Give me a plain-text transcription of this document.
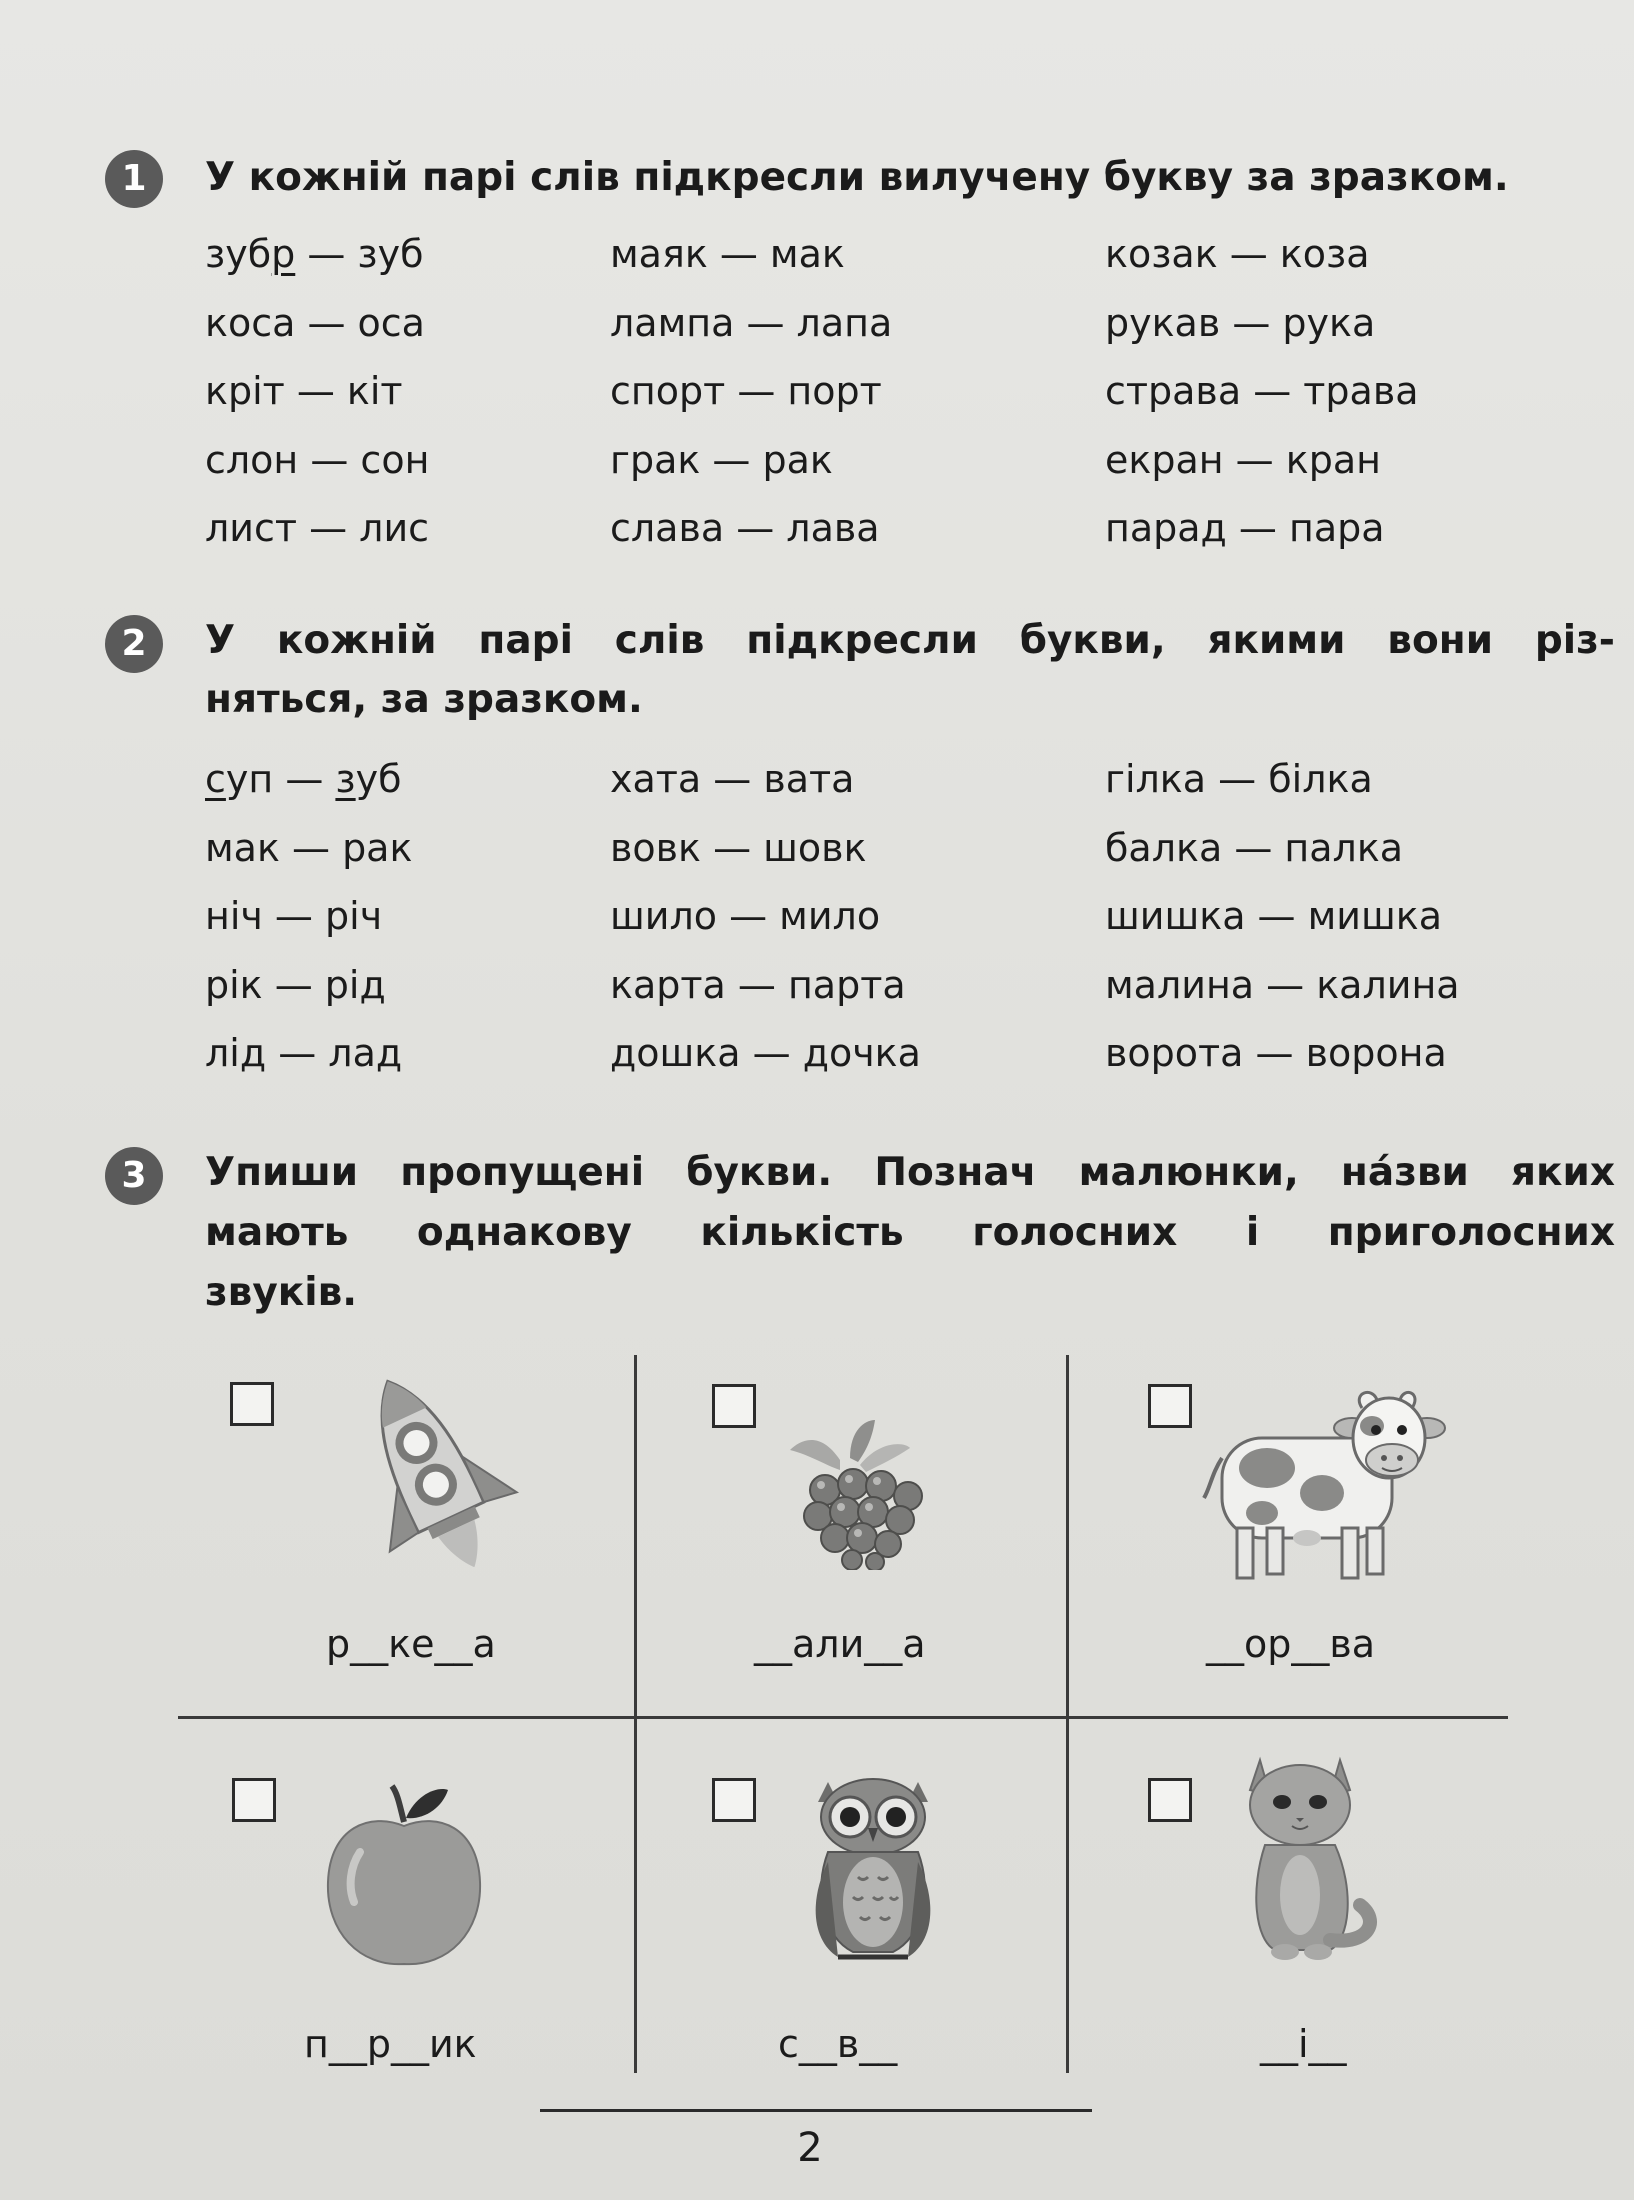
1	У кожній парі слів підкресли вилучену букву за зразком.

зубр — зуб	маяк — мак	козак — коза
коса — оса	лампа — лапа	рукав — рука
кріт — кіт	спорт — порт	страва — трава
слон — сон	грак — рак	екран — кран
лист — лис	слава — лава	парад — пара
2	У кожній парі слів підкресли букви, якими вони різ-
няться, за зразком.
суп — зуб	хата — вата	гілка — білка
мак — рак	вовк — шовк	балка — палка
ніч — річ	шило — мило	шишка — мишка
рік — рід	карта — парта	малина — калина
лід — лад	дошка — дочка	ворота — ворона
3	Упиши пропущені букви. Познач малюнки, на́зви яких
мають однакову кількість голосних і приголосних
звуків.
р__ке__а	__али__а	__ор__ва
п__р__ик	с__в__	__і__
2
